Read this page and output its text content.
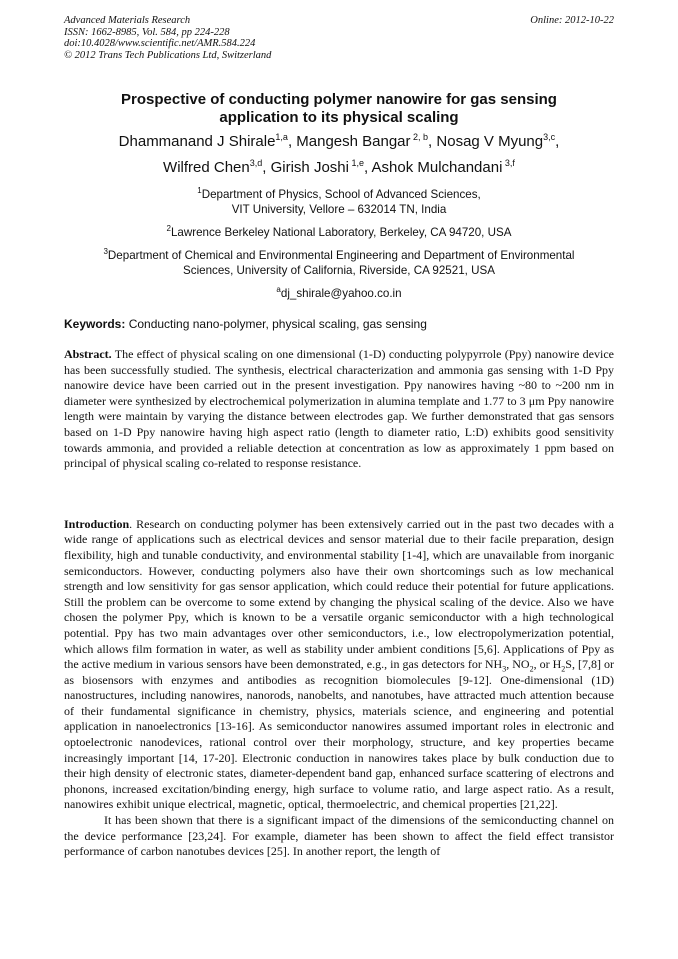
Advanced Materials Research
ISSN: 1662-8985, Vol. 584, pp 224-228
doi:10.4028/www.scientific.net/AMR.584.224
© 2012 Trans Tech Publications Ltd, Switzerland
Online: 2012-10-22
Prospective of conducting polymer nanowire for gas sensing application to its physical scaling
Dhammanand J Shirale$^{1,a}$, Mangesh Bangar $^{2, b}$, Nosag V Myung$^{3,c}$,
Wilfred Chen$^{3,d}$, Girish Joshi $^{1,e}$, Ashok Mulchandani $^{3,f}$
$^1$Department of Physics, School of Advanced Sciences,
VIT University, Vellore – 632014 TN, India
$^2$Lawrence Berkeley National Laboratory, Berkeley, CA 94720, USA
$^3$Department of Chemical and Environmental Engineering and Department of Environmental
Sciences, University of California, Riverside, CA 92521, USA
$^a$dj_shirale@yahoo.co.in
Keywords: Conducting nano-polymer, physical scaling, gas sensing

Abstract. The effect of physical scaling on one dimensional (1-D) conducting polypyrrole (Ppy) nanowire device has been successfully studied. The synthesis, electrical characterization and ammonia gas sensing with 1-D Ppy nanowire device have been carried out in the present investigation. Ppy nanowires having ~80 to ~200 nm in diameter were synthesized by electrochemical polymerization in alumina template and 1.77 to 3 μm Ppy nanowire length were maintain by varying the distance between electrodes gap. We further demonstrated that gas sensors based on 1-D Ppy nanowire having high aspect ratio (length to diameter ratio, L:D) exhibits good sensitivity towards ammonia, and provided a reliable detection at concentration as low as approximately 1 ppm based on principal of physical scaling co-related to response resistance.

Introduction. Research on conducting polymer has been extensively carried out in the past two decades with a wide range of applications such as electrical devices and sensor material due to their facile preparation, design flexibility, high and tunable conductivity, and environmental stability [1-4], which are unavailable from inorganic semiconductors. However, conducting polymers also have their own shortcomings such as low mechanical strength and low sensitivity for gas sensor application, which could reduce their potential for future applications. Still the problem can be overcome to some extend by changing the physical scaling of the device. Also we have chosen the polymer Ppy, which is known to be a versatile organic semiconductor with a high technological potential. Ppy has two main advantages over other semiconductors, i.e., low electropolymerization potential, which allows film formation in water, as well as stability under ambient conditions [5,6]. Applications of Ppy as the active medium in various sensors have been demonstrated, e.g., in gas detectors for $NH_3$, $NO_2$, or $H_2S$, [7,8] or as biosensors with enzymes and antibodies as recognition biomolecules [9-12]. One-dimensional (1D) nanostructures, including nanowires, nanorods, nanobelts, and nanotubes, have attracted much attention because of their fundamental significance in chemistry, physics, materials science, and engineering and potential application in nanoelectronics [13-16]. As semiconductor nanowires assumed important roles in electronic and optoelectronic nanodevices, rational control over their morphology, structure, and key properties became increasingly important [14, 17-20]. Electronic conduction in nanowires takes place by bulk conduction due to their high density of electronic states, diameter-dependent band gap, enhanced surface scattering of electrons and phonons, increased excitation/binding energy, high surface to volume ratio, and large aspect ratio. As a result, nanowires exhibit unique electrical, magnetic, optical, thermoelectric, and chemical properties [21,22].

It has been shown that there is a significant impact of the dimensions of the semiconducting channel on the device performance [23,24]. For example, diameter has been shown to affect the field effect transistor performance of carbon nanotubes devices [25]. In another report, the length of
